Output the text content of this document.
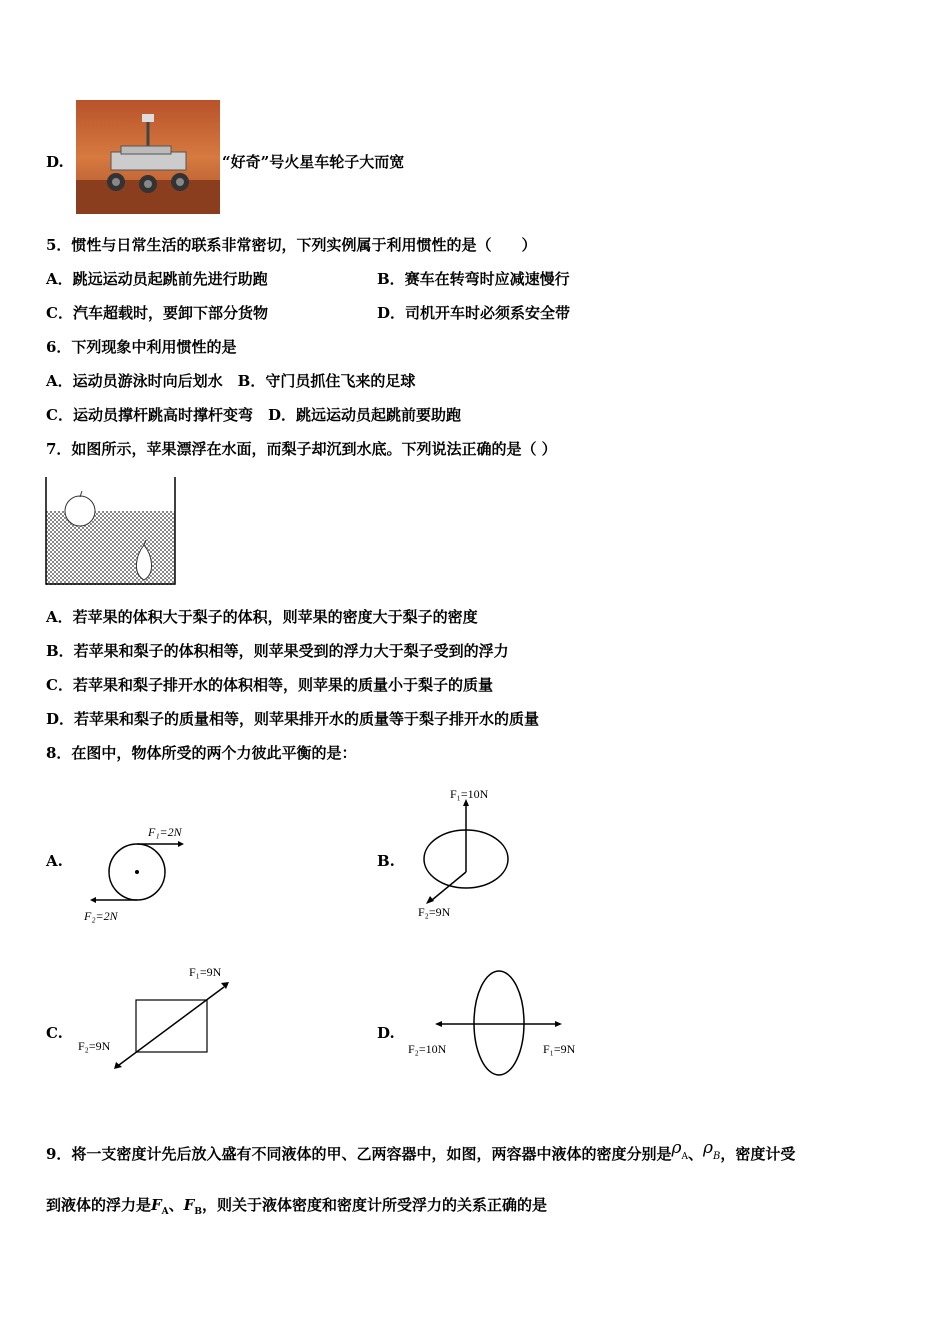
D.	“好奇”号火星车轮子大而宽
5．惯性与日常生活的联系非常密切，下列实例属于利用惯性的是（　　）
A．跳远运动员起跳前先进行助跑	B．赛车在转弯时应减速慢行
C．汽车超载时，要卸下部分货物	D．司机开车时必须系安全带
6．下列现象中利用惯性的是
A．运动员游泳时向后划水　B．守门员抓住飞来的足球
C．运动员撑杆跳高时撑杆变弯　D．跳远运动员起跳前要助跑
7．如图所示，苹果漂浮在水面，而梨子却沉到水底。下列说法正确的是（ ）
A．若苹果的体积大于梨子的体积，则苹果的密度大于梨子的密度
B．若苹果和梨子的体积相等，则苹果受到的浮力大于梨子受到的浮力
C．若苹果和梨子排开水的体积相等，则苹果的质量小于梨子的质量
D．若苹果和梨子的质量相等，则苹果排开水的质量等于梨子排开水的质量
8．在图中，物体所受的两个力彼此平衡的是：
A.
F₁=2N
F₂=2N
B.
F₁=10N
F₂=9N
C.
F₁=9N
F₂=9N
D.
F₂=10N	F₁=9N
9．将一支密度计先后放入盛有不同液体的甲、乙两容器中，如图，两容器中液体的密度分别是$\rho_A$、$\rho_B$，密度计受
到液体的浮力是$F_A$、$F_B$，则关于液体密度和密度计所受浮力的关系正确的是
